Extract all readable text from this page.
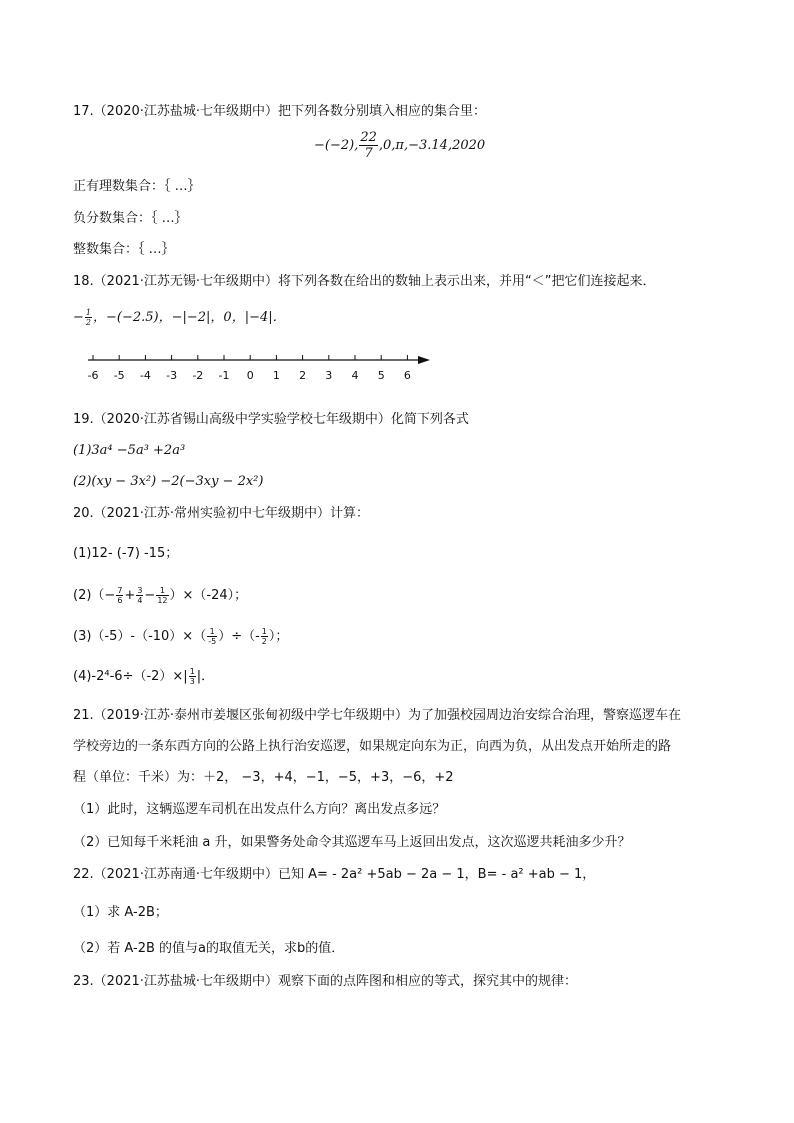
17.（2020·江苏盐城·七年级期中）把下列各数分别填入相应的集合里：
−(−2), $\frac{22}{7} ,0,\pi,-3.14,2020$
正有理数集合：｛ …｝
负分数集合：｛ …｝
整数集合：｛ …｝
18.（2021·江苏无锡·七年级期中）将下列各数在给出的数轴上表示出来，并用“＜”把它们连接起来．
− $\frac{1}{2}$ ，−(−2.5)，−|−2|，0，|−4|．
-6 -5 -4 -3 -2 -1 0 1 2 3 4 5 6
19.（2020·江苏省锡山高级中学实验学校七年级期中）化简下列各式
(1)3a⁴ −5a³ +2a³
(2)(xy − 3x²) −2(−3xy − 2x²)
20.（2021·江苏·常州实验初中七年级期中）计算：
(1)12- (-7) -15；
$(2)(- \frac{7}{6} + \frac{3}{4} - \frac{1}{12} )\times(-24)$；
$(3)(-5)-(-10)\times( \frac{1}{-5}$ ）÷（- $\frac{1}{2}$ ）；
$(4)-2^4-6\div(-2)\times| \frac{1}{3}$ |．
21.（2019·江苏·泰州市姜堰区张甸初级中学七年级期中）为了加强校园周边治安综合治理，警察巡逻车在
学校旁边的一条东西方向的公路上执行治安巡逻，如果规定向东为正，向西为负，从出发点开始所走的路
程（单位：千米）为：＋2， −3，+4，−1，−5，+3，−6，+2
（1）此时，这辆巡逻车司机在出发点什么方向？离出发点多远？
（2）已知每千米耗油 a 升，如果警务处命令其巡逻车马上返回出发点，这次巡逻共耗油多少升？
22.（2021·江苏南通·七年级期中）已知 A= - 2a² +5ab − 2a − 1，B= - a² +ab − 1，
（1）求 A-2B；
（2）若 A-2B 的值与a的取值无关，求b的值．
23.（2021·江苏盐城·七年级期中）观察下面的点阵图和相应的等式，探究其中的规律：
